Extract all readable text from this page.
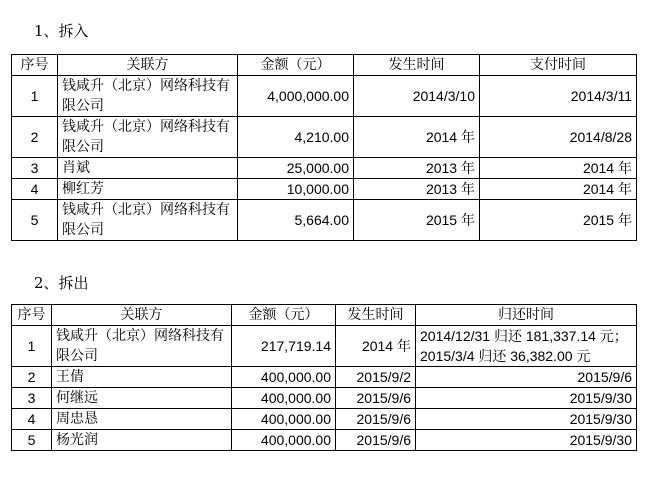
1、拆入
序号	关联方	金额（元）	发生时间	支付时间
1	钱咸升（北京）网络科技有限公司	4,000,000.00	2014/3/10	2014/3/11
2	钱咸升（北京）网络科技有限公司	4,210.00	2014 年	2014/8/28
3	肖斌	25,000.00	2013 年	2014 年
4	柳红芳	10,000.00	2013 年	2014 年
5	钱咸升（北京）网络科技有限公司	5,664.00	2015 年	2015 年
2、拆出
序号	关联方	金额（元）	发生时间	归还时间
1	钱咸升（北京）网络科技有限公司	217,719.14	2014 年	2014/12/31 归还 181,337.14 元；
2015/3/4 归还 36,382.00 元

2	王倩	400,000.00	2015/9/2	2015/9/6
3	何继远	400,000.00	2015/9/6	2015/9/30
4	周忠恳	400,000.00	2015/9/6	2015/9/30
5	杨光润	400,000.00	2015/9/6	2015/9/30
